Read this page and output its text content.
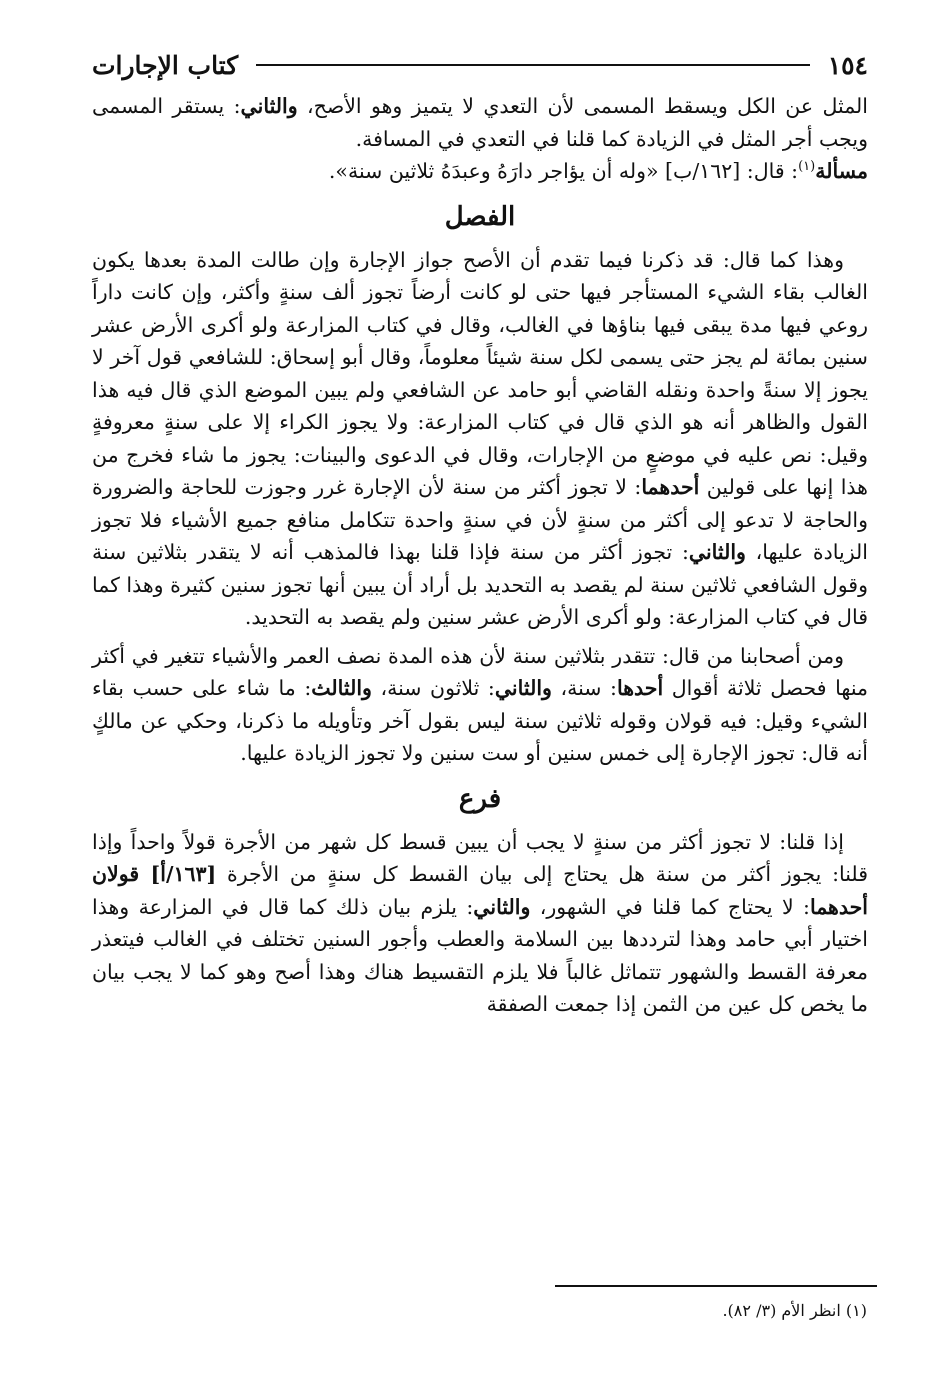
١٥٤
كتاب الإجارات

المثل عن الكل ويسقط المسمى لأن التعدي لا يتميز وهو الأصح، والثاني: يستقر المسمى ويجب أجر المثل في الزيادة كما قلنا في التعدي في المسافة.

مسألة$^{(١)}$: قال: [١٦٢/ب] «وله أن يؤاجر دارَهُ وعبدَهُ ثلاثين سنة».

الفصل

وهذا كما قال: قد ذكرنا فيما تقدم أن الأصح جواز الإجارة وإن طالت المدة بعدها يكون الغالب بقاء الشيء المستأجر فيها حتى لو كانت أرضاً تجوز ألف سنةٍ وأكثر، وإن كانت داراً روعي فيها مدة يبقى فيها بناؤها في الغالب، وقال في كتاب المزارعة ولو أكرى الأرض عشر سنين بمائة لم يجز حتى يسمى لكل سنة شيئاً معلوماً، وقال أبو إسحاق: للشافعي قول آخر لا يجوز إلا سنةً واحدة ونقله القاضي أبو حامد عن الشافعي ولم يبين الموضع الذي قال فيه هذا القول والظاهر أنه هو الذي قال في كتاب المزارعة: ولا يجوز الكراء إلا على سنةٍ معروفةٍ وقيل: نص عليه في موضعٍ من الإجارات، وقال في الدعوى والبينات: يجوز ما شاء فخرج من هذا إنها على قولين أحدهما: لا تجوز أكثر من سنة لأن الإجارة غرر وجوزت للحاجة والضرورة والحاجة لا تدعو إلى أكثر من سنةٍ لأن في سنةٍ واحدة تتكامل منافع جميع الأشياء فلا تجوز الزيادة عليها، والثاني: تجوز أكثر من سنة فإذا قلنا بهذا فالمذهب أنه لا يتقدر بثلاثين سنة وقول الشافعي ثلاثين سنة لم يقصد به التحديد بل أراد أن يبين أنها تجوز سنين كثيرة وهذا كما قال في كتاب المزارعة: ولو أكرى الأرض عشر سنين ولم يقصد به التحديد.

ومن أصحابنا من قال: تتقدر بثلاثين سنة لأن هذه المدة نصف العمر والأشياء تتغير في أكثر منها فحصل ثلاثة أقوال أحدها: سنة، والثاني: ثلاثون سنة، والثالث: ما شاء على حسب بقاء الشيء وقيل: فيه قولان وقوله ثلاثين سنة ليس بقول آخر وتأويله ما ذكرنا، وحكي عن مالكٍ أنه قال: تجوز الإجارة إلى خمس سنين أو ست سنين ولا تجوز الزيادة عليها.

فرع

إذا قلنا: لا تجوز أكثر من سنةٍ لا يجب أن يبين قسط كل شهر من الأجرة قولاً واحداً وإذا قلنا: يجوز أكثر من سنة هل يحتاج إلى بيان القسط كل سنةٍ من الأجرة [١٦٣/أ] قولان أحدهما: لا يحتاج كما قلنا في الشهور، والثاني: يلزم بيان ذلك كما قال في المزارعة وهذا اختيار أبي حامد وهذا لترددها بين السلامة والعطب وأجور السنين تختلف في الغالب فيتعذر معرفة القسط والشهور تتماثل غالباً فلا يلزم التقسيط هناك وهذا أصح وهو كما لا يجب بيان ما يخص كل عين من الثمن إذا جمعت الصفقة

(١) انظر الأم (٣/ ٨٢).
